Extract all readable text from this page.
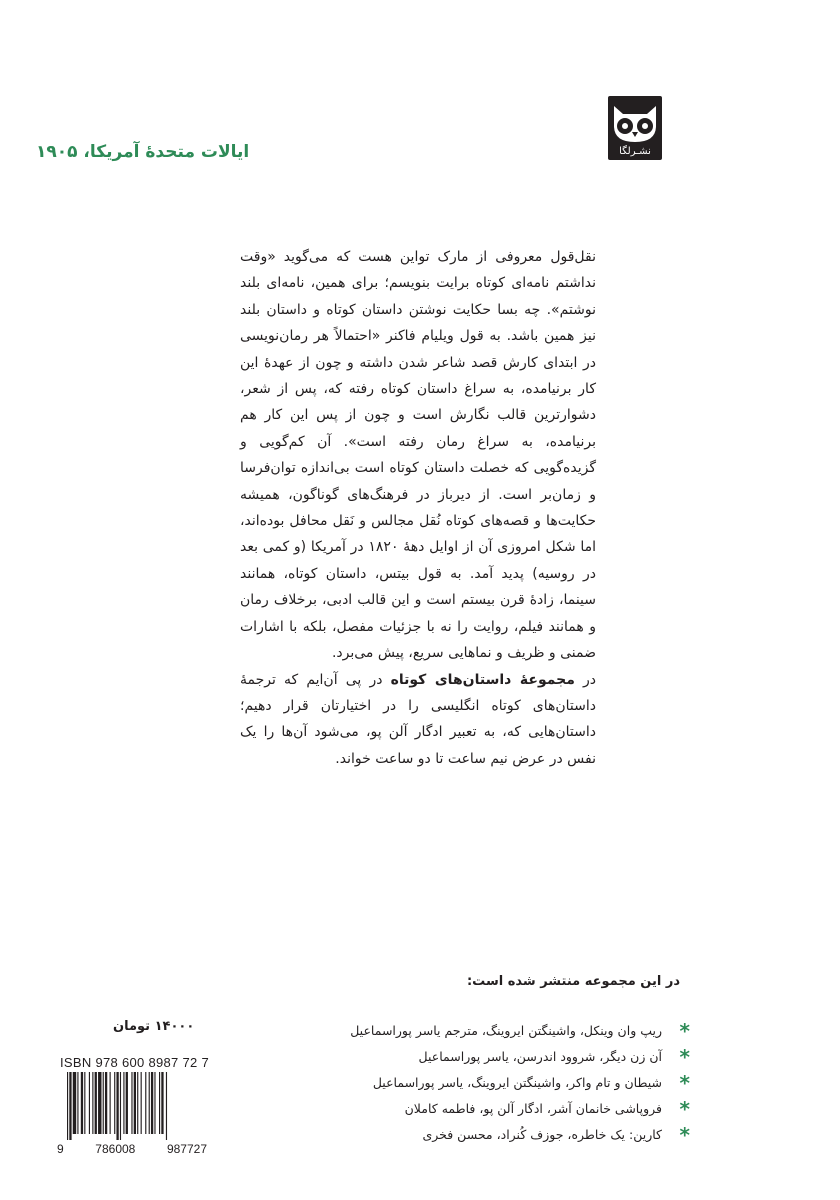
نشـرلگا
ایالات متحدهٔ آمریکا، ۱۹۰۵

نقل‌قول معروفی از مارک تواین هست که می‌گوید «وقت نداشتم نامه‌ای کوتاه برایت بنویسم؛ برای همین، نامه‌ای بلند نوشتم». چه بسا حکایت نوشتن داستان کوتاه و داستان بلند نیز همین باشد. به قول ویلیام فاکنر «احتمالاً هر رمان‌نویسی در ابتدای کارش قصد شاعر شدن داشته و چون از عهدهٔ این کار برنیامده، به سراغ داستان کوتاه رفته که، پس از شعر، دشوارترین قالب نگارش است و چون از پس این کار هم برنیامده، به سراغ رمان رفته است». آن کم‌گویی و گزیده‌گویی که خصلت داستان کوتاه است بی‌اندازه توان‌فرسا و زمان‌بر است. از دیرباز در فرهنگ‌های گوناگون، همیشه حکایت‌ها و قصه‌های کوتاه نُقل مجالس و نَقل محافل بوده‌اند، اما شکل امروزی آن از اوایل دههٔ ۱۸۲۰ در آمریکا (و کمی بعد در روسیه) پدید آمد. به قول بیتس، داستان کوتاه، همانند سینما، زادهٔ قرن بیستم است و این قالب ادبی، برخلاف رمان و همانند فیلم، روایت را نه با جزئیات مفصل، بلکه با اشارات ضمنی و ظریف و نماهایی سریع، پیش می‌برد.

در مجموعهٔ داستان‌های کوتاه در پی آن‌ایم که ترجمهٔ داستان‌های کوتاه انگلیسی را در اختیارتان قرار دهیم؛ داستان‌هایی که، به تعبیر ادگار آلن پو، می‌شود آن‌ها را یک نفس در عرض نیم ساعت تا دو ساعت خواند.

در این مجموعه منتشر شده است:
*
ریپ وان وینکل، واشینگتن ایروینگ، مترجم یاسر پوراسماعیل
*
آن زن دیگر، شروود اندرسن، یاسر پوراسماعیل
*
شیطان و تام واکر، واشینگتن ایروینگ، یاسر پوراسماعیل
*
فروپاشی خانمان آشر، ادگار آلن پو، فاطمه کاملان
*
کارین: یک خاطره، جوزف کُنراد، محسن فخری
۱۴۰۰۰ تومان
ISBN 978 600 8987 72 7
9	786008	987727
